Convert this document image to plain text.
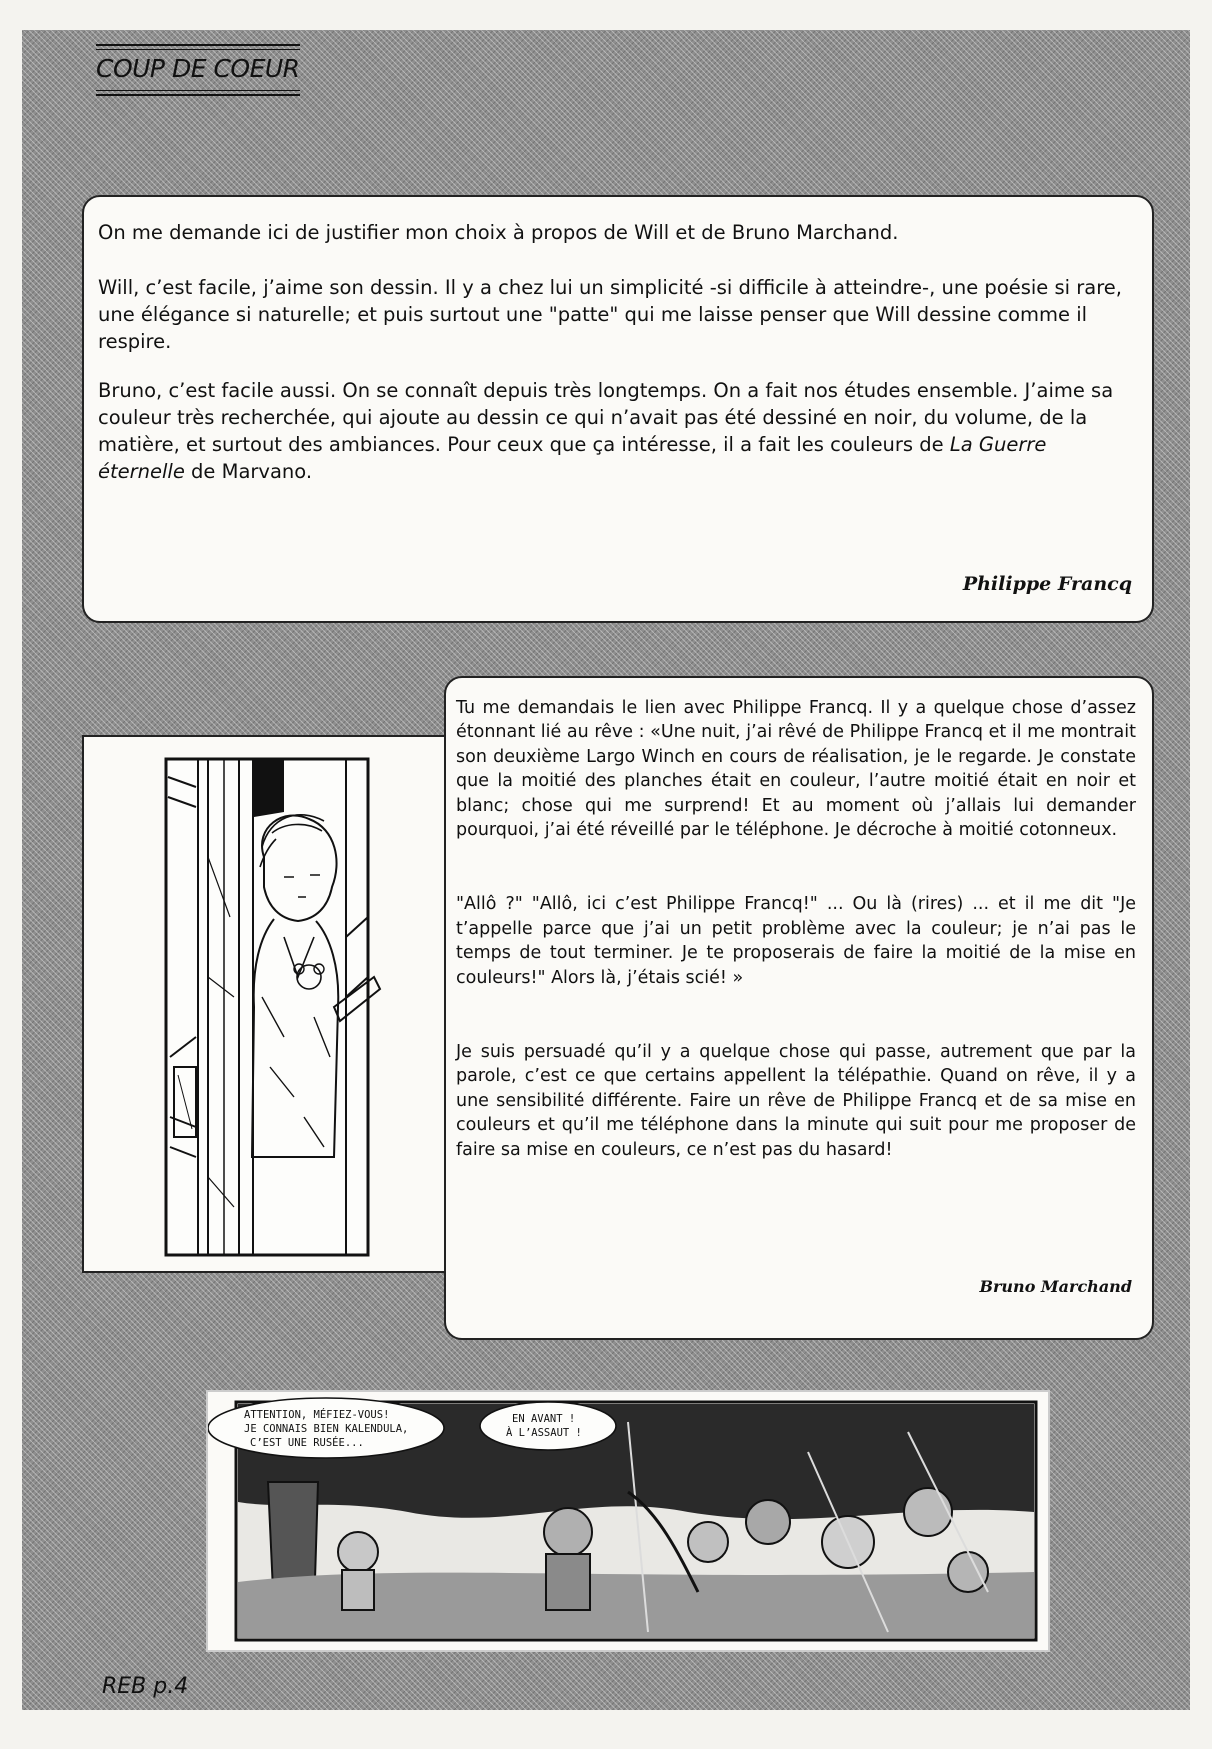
COUP DE COEUR

On me demande ici de justifier mon choix à propos de Will et de Bruno Marchand.

Will, c’est facile, j’aime son dessin. Il y a chez lui un simplicité -si difficile à atteindre-, une poésie si rare, une élégance si naturelle; et puis surtout une "patte" qui me laisse penser que Will dessine comme il respire.

Bruno, c’est facile aussi. On se connaît depuis très longtemps. On a fait nos études ensemble. J’aime sa couleur très recherchée, qui ajoute au dessin ce qui n’avait pas été dessiné en noir, du volume, de la matière, et surtout des ambiances. Pour ceux que ça intéresse, il a fait les couleurs de La Guerre éternelle de Marvano.

Philippe Francq

Tu me demandais le lien avec Philippe Francq. Il y a quelque chose d’assez étonnant lié au rêve : «Une nuit, j’ai rêvé de Philippe Francq et il me montrait son deuxième Largo Winch en cours de réalisation, je le regarde. Je constate que la moitié des planches était en couleur, l’autre moitié était en noir et blanc; chose qui me surprend! Et au moment où j’allais lui demander pourquoi, j’ai été réveillé par le téléphone. Je décroche à moitié cotonneux.

"Allô ?" "Allô, ici c’est Philippe Francq!" ... Ou là (rires) ... et il me dit "Je t’appelle parce que j’ai un petit problème avec la couleur; je n’ai pas le temps de tout terminer. Je te proposerais de faire la moitié de la mise en couleurs!" Alors là, j’étais scié! »

Je suis persuadé qu’il y a quelque chose qui passe, autrement que par la parole, c’est ce que certains appellent la télépathie. Quand on rêve, il y a une sensibilité différente. Faire un rêve de Philippe Francq et de sa mise en couleurs et qu’il me téléphone dans la minute qui suit pour me proposer de faire sa mise en couleurs, ce n’est pas du hasard!

Bruno Marchand
ATTENTION, MÉFIEZ-VOUS!
JE CONNAIS BIEN KALENDULA,
C’EST UNE RUSÉE...
EN AVANT !
À L’ASSAUT !
REB p.4
